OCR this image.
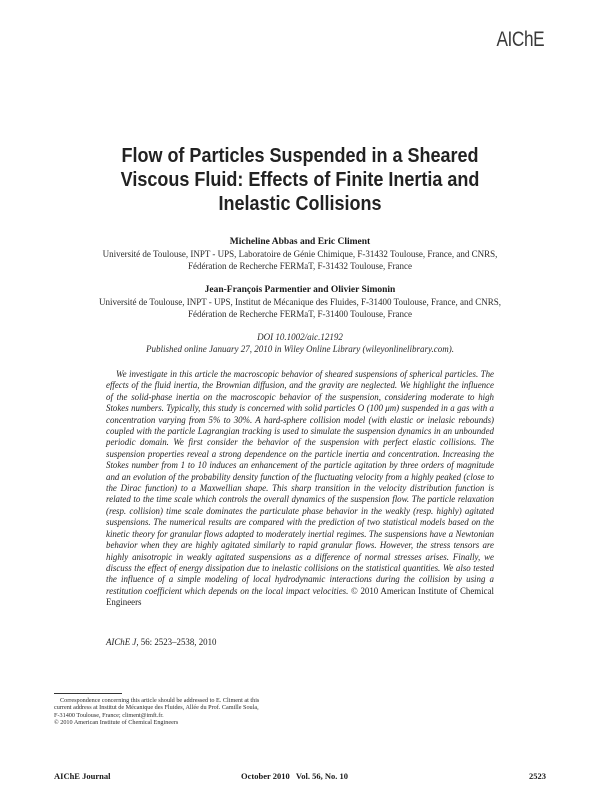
AIChE
Flow of Particles Suspended in a Sheared
Viscous Fluid: Effects of Finite Inertia and
Inelastic Collisions
Micheline Abbas and Eric Climent
Université de Toulouse, INPT - UPS, Laboratoire de Génie Chimique, F-31432 Toulouse, France, and CNRS,
Fédération de Recherche FERMaT, F-31432 Toulouse, France
Jean-François Parmentier and Olivier Simonin
Université de Toulouse, INPT - UPS, Institut de Mécanique des Fluides, F-31400 Toulouse, France, and CNRS,
Fédération de Recherche FERMaT, F-31400 Toulouse, France
DOI 10.1002/aic.12192
Published online January 27, 2010 in Wiley Online Library (wileyonlinelibrary.com).

We investigate in this article the macroscopic behavior of sheared suspensions of spherical particles. The effects of the fluid inertia, the Brownian diffusion, and the gravity are neglected. We highlight the influence of the solid-phase inertia on the macroscopic behavior of the suspension, considering moderate to high Stokes numbers. Typically, this study is concerned with solid particles O (100 μm) suspended in a gas with a concentration varying from 5% to 30%. A hard-sphere collision model (with elastic or inelasic rebounds) coupled with the particle Lagrangian tracking is used to simulate the suspension dynamics in an unbounded periodic domain. We first consider the behavior of the suspension with perfect elastic collisions. The suspension properties reveal a strong dependence on the particle inertia and concentration. Increasing the Stokes number from 1 to 10 induces an enhancement of the particle agitation by three orders of magnitude and an evolution of the probability density function of the fluctuating velocity from a highly peaked (close to the Dirac function) to a Maxwellian shape. This sharp transition in the velocity distribution function is related to the time scale which controls the overall dynamics of the suspension flow. The particle relaxation (resp. collision) time scale dominates the particulate phase behavior in the weakly (resp. highly) agitated suspensions. The numerical results are compared with the prediction of two statistical models based on the kinetic theory for granular flows adapted to moderately inertial regimes. The suspensions have a Newtonian behavior when they are highly agitated similarly to rapid granular flows. However, the stress tensors are highly anisotropic in weakly agitated suspensions as a difference of normal stresses arises. Finally, we discuss the effect of energy dissipation due to inelastic collisions on the statistical quantities. We also tested the influence of a simple modeling of local hydrodynamic interactions during the collision by using a restitution coefficient which depends on the local impact velocities. © 2010 American Institute of Chemical Engineers

AIChE J, 56: 2523–2538, 2010
Correspondence concerning this article should be addressed to E. Climent at this
current address at Institut de Mécanique des Fluides, Allée du Prof. Camille Soula,
F-31400 Toulouse, France; climent@imft.fr.
© 2010 American Institute of Chemical Engineers
AIChE Journal	October 2010   Vol. 56, No. 10	2523
